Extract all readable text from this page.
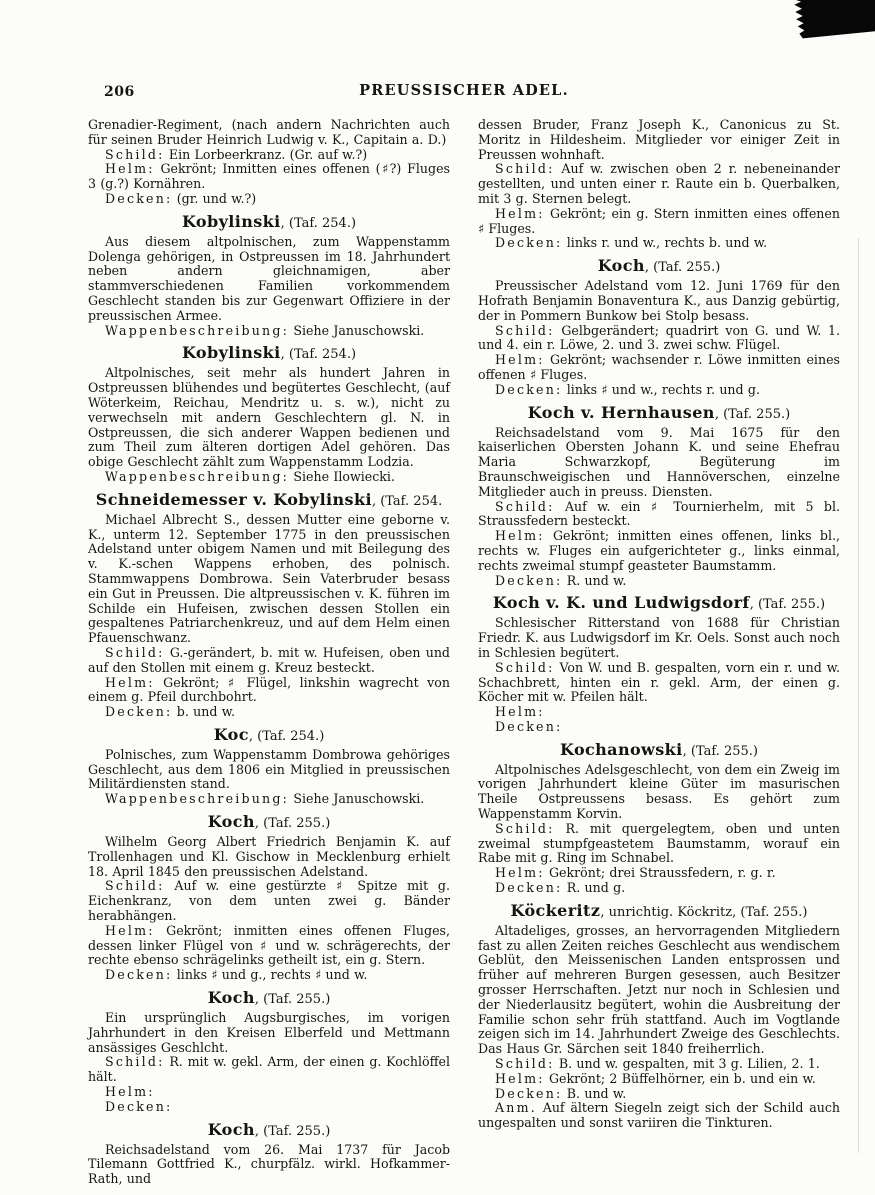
206	PREUSSISCHER ADEL.

Grenadier-Regiment, (nach andern Nachrichten auch für seinen Bruder Heinrich Ludwig v. K., Capitain a. D.)

Schild: Ein Lorbeerkranz. (Gr. auf w.?)

Helm: Gekrönt; Inmitten eines offenen (♯?) Fluges 3 (g.?) Kornähren.

Decken: (gr. und w.?)

Kobylinski, (Taf. 254.)

Aus diesem altpolnischen, zum Wappenstamm Dolenga gehörigen, in Ostpreussen im 18. Jahrhundert neben andern gleichnamigen, aber stammverschiedenen Familien vorkommendem Geschlecht standen bis zur Gegenwart Offiziere in der preussischen Armee.

Wappenbeschreibung: Siehe Januschowski.

Kobylinski, (Taf. 254.)

Altpolnisches, seit mehr als hundert Jahren in Ostpreussen blühendes und begütertes Geschlecht, (auf Wöterkeim, Reichau, Mendritz u. s. w.), nicht zu verwechseln mit andern Geschlechtern gl. N. in Ostpreussen, die sich anderer Wappen bedienen und zum Theil zum älteren dortigen Adel gehören. Das obige Geschlecht zählt zum Wappenstamm Lodzia.

Wappenbeschreibung: Siehe Ilowiecki.

Schneidemesser v. Kobylinski, (Taf. 254.

Michael Albrecht S., dessen Mutter eine geborne v. K., unterm 12. September 1775 in den preussischen Adelstand unter obigem Namen und mit Beilegung des v. K.-schen Wappens erhoben, des polnisch. Stammwappens Dombrowa. Sein Vaterbruder besass ein Gut in Preussen. Die altpreussischen v. K. führen im Schilde ein Hufeisen, zwischen dessen Stollen ein gespaltenes Patriarchenkreuz, und auf dem Helm einen Pfauenschwanz.

Schild: G.-gerändert, b. mit w. Hufeisen, oben und auf den Stollen mit einem g. Kreuz besteckt.

Helm: Gekrönt; ♯ Flügel, linkshin wagrecht von einem g. Pfeil durchbohrt.

Decken: b. und w.

Koc, (Taf. 254.)

Polnisches, zum Wappenstamm Dombrowa gehöriges Geschlecht, aus dem 1806 ein Mitglied in preussischen Militärdiensten stand.

Wappenbeschreibung: Siehe Januschowski.

Koch, (Taf. 255.)

Wilhelm Georg Albert Friedrich Benjamin K. auf Trollenhagen und Kl. Gischow in Mecklenburg erhielt 18. April 1845 den preussischen Adelstand.

Schild: Auf w. eine gestürzte ♯ Spitze mit g. Eichenkranz, von dem unten zwei g. Bänder herabhängen.

Helm: Gekrönt; inmitten eines offenen Fluges, dessen linker Flügel von ♯ und w. schrägerechts, der rechte ebenso schrägelinks getheilt ist, ein g. Stern.

Decken: links ♯ und g., rechts ♯ und w.

Koch, (Taf. 255.)

Ein ursprünglich Augsburgisches, im vorigen Jahrhundert in den Kreisen Elberfeld und Mettmann ansässiges Geschlcht.

Schild: R. mit w. gekl. Arm, der einen g. Kochlöffel hält.

Helm:

Decken:

Koch, (Taf. 255.)

Reichsadelstand vom 26. Mai 1737 für Jacob Tilemann Gottfried K., churpfälz. wirkl. Hofkammer-Rath, und

dessen Bruder, Franz Joseph K., Canonicus zu St. Moritz in Hildesheim. Mitglieder vor einiger Zeit in Preussen wohnhaft.

Schild: Auf w. zwischen oben 2 r. nebeneinander gestellten, und unten einer r. Raute ein b. Querbalken, mit 3 g. Sternen belegt.

Helm: Gekrönt; ein g. Stern inmitten eines offenen ♯ Fluges.

Decken: links r. und w., rechts b. und w.

Koch, (Taf. 255.)

Preussischer Adelstand vom 12. Juni 1769 für den Hofrath Benjamin Bonaventura K., aus Danzig gebürtig, der in Pommern Bunkow bei Stolp besass.

Schild: Gelbgerändert; quadrirt von G. und W. 1. und 4. ein r. Löwe, 2. und 3. zwei schw. Flügel.

Helm: Gekrönt; wachsender r. Löwe inmitten eines offenen ♯ Fluges.

Decken: links ♯ und w., rechts r. und g.

Koch v. Hernhausen, (Taf. 255.)

Reichsadelstand vom 9. Mai 1675 für den kaiserlichen Obersten Johann K. und seine Ehefrau Maria Schwarzkopf, Begüterung im Braunschweigischen und Hannöverschen, einzelne Mitglieder auch in preuss. Diensten.

Schild: Auf w. ein ♯ Tournierhelm, mit 5 bl. Straussfedern besteckt.

Helm: Gekrönt; inmitten eines offenen, links bl., rechts w. Fluges ein aufgerichteter g., links einmal, rechts zweimal stumpf geasteter Baumstamm.

Decken: R. und w.

Koch v. K. und Ludwigsdorf, (Taf. 255.)

Schlesischer Ritterstand von 1688 für Christian Friedr. K. aus Ludwigsdorf im Kr. Oels. Sonst auch noch in Schlesien begütert.

Schild: Von W. und B. gespalten, vorn ein r. und w. Schachbrett, hinten ein r. gekl. Arm, der einen g. Köcher mit w. Pfeilen hält.

Helm:

Decken:

Kochanowski, (Taf. 255.)

Altpolnisches Adelsgeschlecht, von dem ein Zweig im vorigen Jahrhundert kleine Güter im masurischen Theile Ostpreussens besass. Es gehört zum Wappenstamm Korvin.

Schild: R. mit quergelegtem, oben und unten zweimal stumpfgeastetem Baumstamm, worauf ein Rabe mit g. Ring im Schnabel.

Helm: Gekrönt; drei Straussfedern, r. g. r.

Decken: R. und g.

Köckeritz, unrichtig. Köckritz, (Taf. 255.)

Altadeliges, grosses, an hervorragenden Mitgliedern fast zu allen Zeiten reiches Geschlecht aus wendischem Geblüt, den Meissenischen Landen entsprossen und früher auf mehreren Burgen gesessen, auch Besitzer grosser Herrschaften. Jetzt nur noch in Schlesien und der Niederlausitz begütert, wohin die Ausbreitung der Familie schon sehr früh stattfand. Auch im Vogtlande zeigen sich im 14. Jahrhundert Zweige des Geschlechts. Das Haus Gr. Särchen seit 1840 freiherrlich.

Schild: B. und w. gespalten, mit 3 g. Lilien, 2. 1.

Helm: Gekrönt; 2 Büffelhörner, ein b. und ein w.

Decken: B. und w.

Anm. Auf ältern Siegeln zeigt sich der Schild auch ungespalten und sonst variiren die Tinkturen.
